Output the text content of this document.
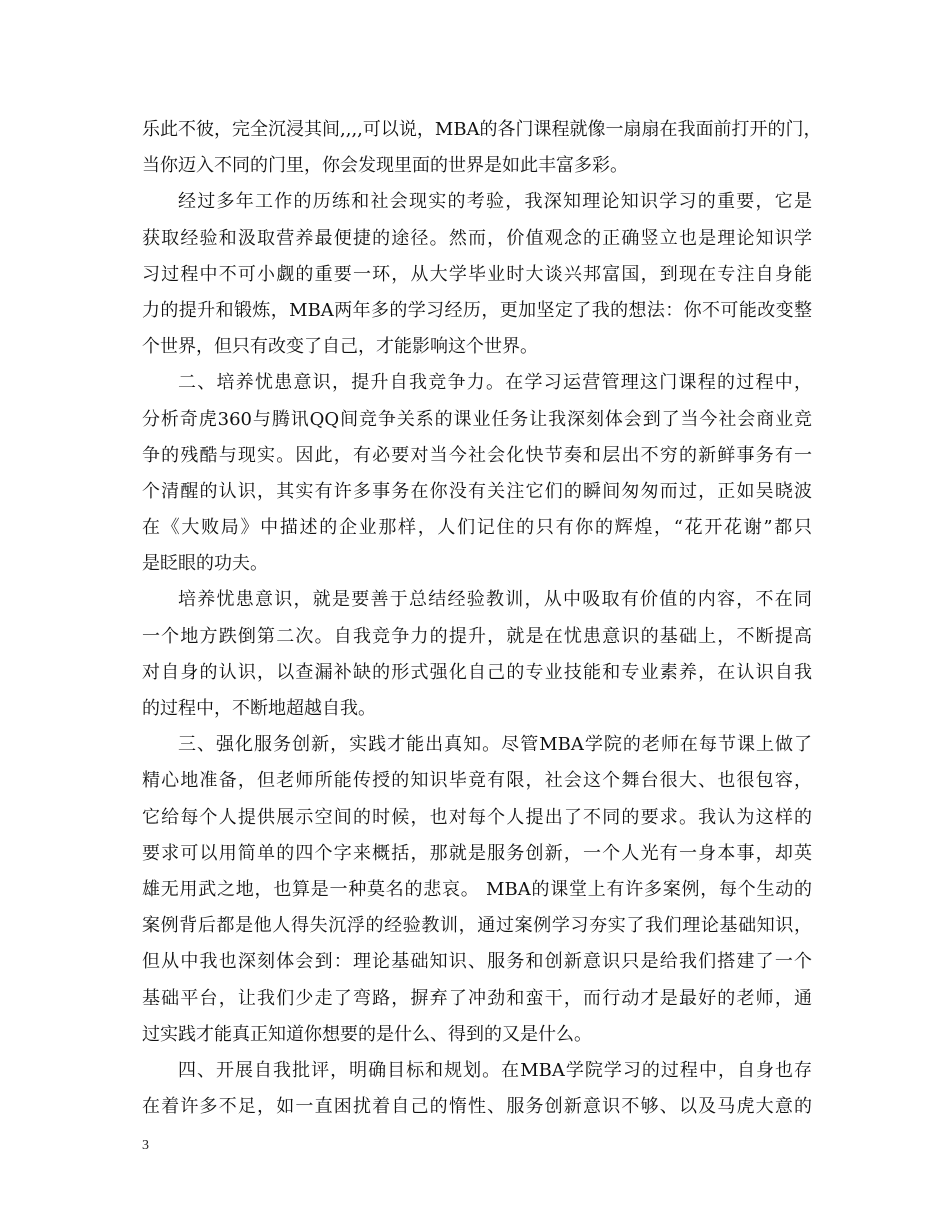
乐此不彼，完全沉浸其间,,,,可以说，MBA的各门课程就像一扇扇在我面前打开的门，
当你迈入不同的门里，你会发现里面的世界是如此丰富多彩。
经过多年工作的历练和社会现实的考验，我深知理论知识学习的重要，它是
获取经验和汲取营养最便捷的途径。然而，价值观念的正确竖立也是理论知识学
习过程中不可小觑的重要一环，从大学毕业时大谈兴邦富国，到现在专注自身能
力的提升和锻炼，MBA两年多的学习经历，更加坚定了我的想法：你不可能改变整
个世界，但只有改变了自己，才能影响这个世界。
二、培养忧患意识，提升自我竞争力。在学习运营管理这门课程的过程中，
分析奇虎360与腾讯QQ间竞争关系的课业任务让我深刻体会到了当今社会商业竞
争的残酷与现实。因此，有必要对当今社会化快节奏和层出不穷的新鲜事务有一
个清醒的认识，其实有许多事务在你没有关注它们的瞬间匆匆而过，正如吴晓波
在《大败局》中描述的企业那样，人们记住的只有你的辉煌，“花开花谢”都只
是眨眼的功夫。
培养忧患意识，就是要善于总结经验教训，从中吸取有价值的内容，不在同
一个地方跌倒第二次。自我竞争力的提升，就是在忧患意识的基础上，不断提高
对自身的认识，以查漏补缺的形式强化自己的专业技能和专业素养，在认识自我
的过程中，不断地超越自我。
三、强化服务创新，实践才能出真知。尽管MBA学院的老师在每节课上做了
精心地准备，但老师所能传授的知识毕竟有限，社会这个舞台很大、也很包容，
它给每个人提供展示空间的时候，也对每个人提出了不同的要求。我认为这样的
要求可以用简单的四个字来概括，那就是服务创新，一个人光有一身本事，却英
雄无用武之地，也算是一种莫名的悲哀。 MBA的课堂上有许多案例，每个生动的
案例背后都是他人得失沉浮的经验教训，通过案例学习夯实了我们理论基础知识，
但从中我也深刻体会到：理论基础知识、服务和创新意识只是给我们搭建了一个
基础平台，让我们少走了弯路，摒弃了冲劲和蛮干，而行动才是最好的老师，通
过实践才能真正知道你想要的是什么、得到的又是什么。
四、开展自我批评，明确目标和规划。在MBA学院学习的过程中，自身也存
在着许多不足，如一直困扰着自己的惰性、服务创新意识不够、以及马虎大意的
3
